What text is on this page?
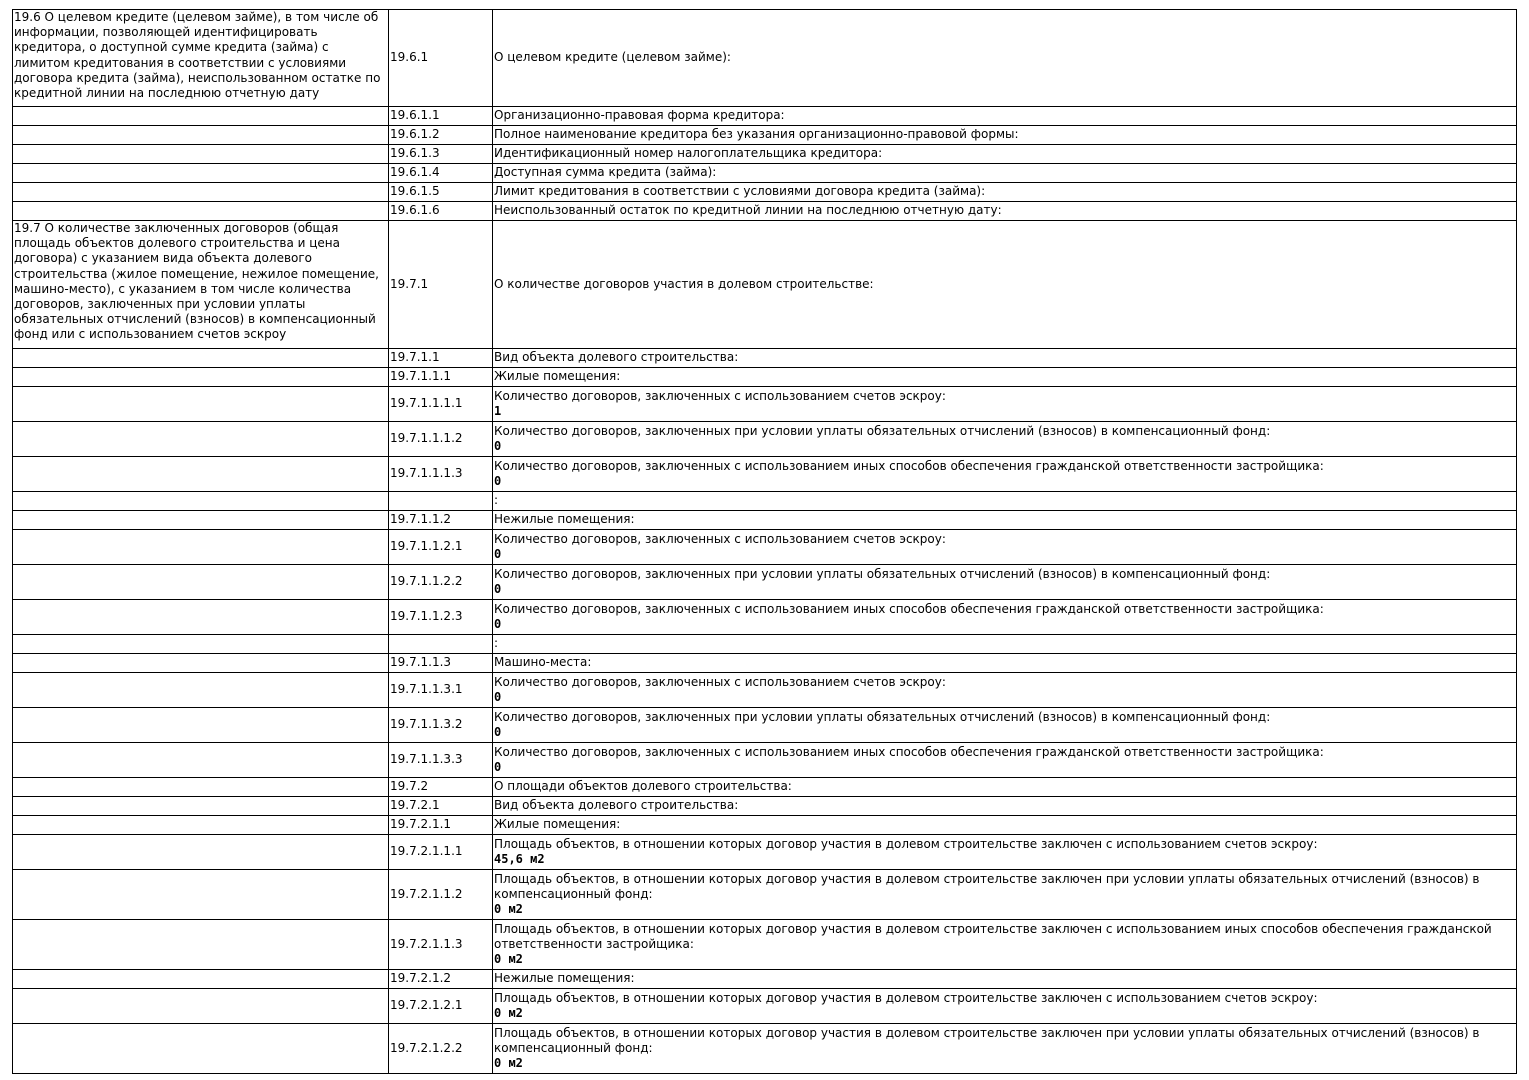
19.6 О целевом кредите (целевом займе), в том числе об информации, позволяющей идентифицировать кредитора, о доступной сумме кредита (займа) с лимитом кредитования в соответствии с условиями договора кредита (займа), неиспользованном остатке по кредитной линии на последнюю отчетную дату	19.6.1	О целевом кредите (целевом займе):
	19.6.1.1	Организационно-правовая форма кредитора:
	19.6.1.2	Полное наименование кредитора без указания организационно-правовой формы:
	19.6.1.3	Идентификационный номер налогоплательщика кредитора:
	19.6.1.4	Доступная сумма кредита (займа):
	19.6.1.5	Лимит кредитования в соответствии с условиями договора кредита (займа):
	19.6.1.6	Неиспользованный остаток по кредитной линии на последнюю отчетную дату:
19.7 О количестве заключенных договоров (общая площадь объектов долевого строительства и цена договора) с указанием вида объекта долевого строительства (жилое помещение, нежилое помещение, машино-место), с указанием в том числе количества договоров, заключенных при условии уплаты обязательных отчислений (взносов) в компенсационный фонд или с использованием счетов эскроу	19.7.1	О количестве договоров участия в долевом строительстве:
	19.7.1.1	Вид объекта долевого строительства:
	19.7.1.1.1	Жилые помещения:
	19.7.1.1.1.1	Количество договоров, заключенных с использованием счетов эскроу:
1

	19.7.1.1.1.2	Количество договоров, заключенных при условии уплаты обязательных отчислений (взносов) в компенсационный фонд:
0

	19.7.1.1.1.3	Количество договоров, заключенных с использованием иных способов обеспечения гражданской ответственности застройщика:
0

		:
	19.7.1.1.2	Нежилые помещения:
	19.7.1.1.2.1	Количество договоров, заключенных с использованием счетов эскроу:
0

	19.7.1.1.2.2	Количество договоров, заключенных при условии уплаты обязательных отчислений (взносов) в компенсационный фонд:
0

	19.7.1.1.2.3	Количество договоров, заключенных с использованием иных способов обеспечения гражданской ответственности застройщика:
0

		:
	19.7.1.1.3	Машино-места:
	19.7.1.1.3.1	Количество договоров, заключенных с использованием счетов эскроу:
0

	19.7.1.1.3.2	Количество договоров, заключенных при условии уплаты обязательных отчислений (взносов) в компенсационный фонд:
0

	19.7.1.1.3.3	Количество договоров, заключенных с использованием иных способов обеспечения гражданской ответственности застройщика:
0

	19.7.2	О площади объектов долевого строительства:
	19.7.2.1	Вид объекта долевого строительства:
	19.7.2.1.1	Жилые помещения:
	19.7.2.1.1.1	Площадь объектов, в отношении которых договор участия в долевом строительстве заключен с использованием счетов эскроу:
45,6 м2

	19.7.2.1.1.2	Площадь объектов, в отношении которых договор участия в долевом строительстве заключен при условии уплаты обязательных отчислений (взносов) в компенсационный фонд:
0 м2

	19.7.2.1.1.3	Площадь объектов, в отношении которых договор участия в долевом строительстве заключен с использованием иных способов обеспечения гражданской ответственности застройщика:
0 м2

	19.7.2.1.2	Нежилые помещения:
	19.7.2.1.2.1	Площадь объектов, в отношении которых договор участия в долевом строительстве заключен с использованием счетов эскроу:
0 м2

	19.7.2.1.2.2	Площадь объектов, в отношении которых договор участия в долевом строительстве заключен при условии уплаты обязательных отчислений (взносов) в компенсационный фонд:
0 м2
